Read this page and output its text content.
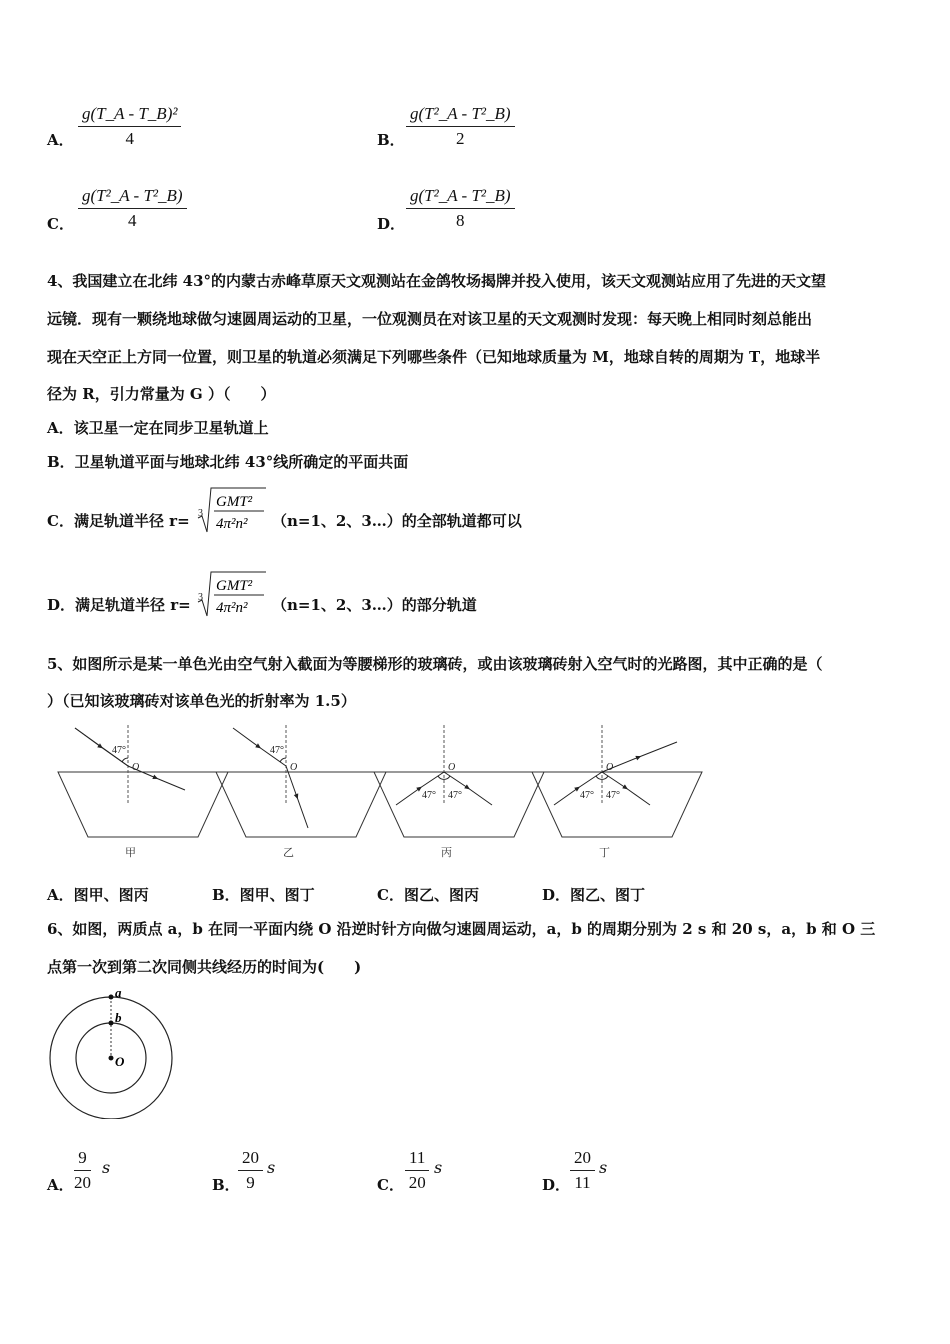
A．
g(T_A - T_B)²
4	B．
g(T²_A - T²_B)
2
C．
g(T²_A - T²_B)
4	D．
g(T²_A - T²_B)
8
4、我国建立在北纬 43°的内蒙古赤峰草原天文观测站在金鸽牧场揭牌并投入使用，该天文观测站应用了先进的天文望
远镜．现有一颗绕地球做匀速圆周运动的卫星，一位观测员在对该卫星的天文观测时发现：每天晚上相同时刻总能出
现在天空正上方同一位置，则卫星的轨道必须满足下列哪些条件（已知地球质量为 M，地球自转的周期为 T，地球半
径为 R，引力常量为 G ）（　　）
A．该卫星一定在同步卫星轨道上
B．卫星轨道平面与地球北纬 43°线所确定的平面共面
C．满足轨道半径 r= 3
GMT²
4π²n² （n=1、2、3…）的全部轨道都可以
D．满足轨道半径 r= 3
GMT²
4π²n² （n=1、2、3…）的部分轨道
5、如图所示是某一单色光由空气射入截面为等腰梯形的玻璃砖，或由该玻璃砖射入空气时的光路图，其中正确的是（
）（已知该玻璃砖对该单色光的折射率为 1.5）
47°
O
甲
47°
O
乙
O
47° 47°
丙
O
47° 47°
丁
A．图甲、图丙	B．图甲、图丁	C．图乙、图丙	D．图乙、图丁
6、如图，两质点 a，b 在同一平面内绕 O 沿逆时针方向做匀速圆周运动，a，b 的周期分别为 2 s 和 20 s，a，b 和 O 三
点第一次到第二次同侧共线经历的时间为(　　)
a
b
O
A．
9
20
s
B．
20
9
s
C．
11
20
s
D．
20
11
s
